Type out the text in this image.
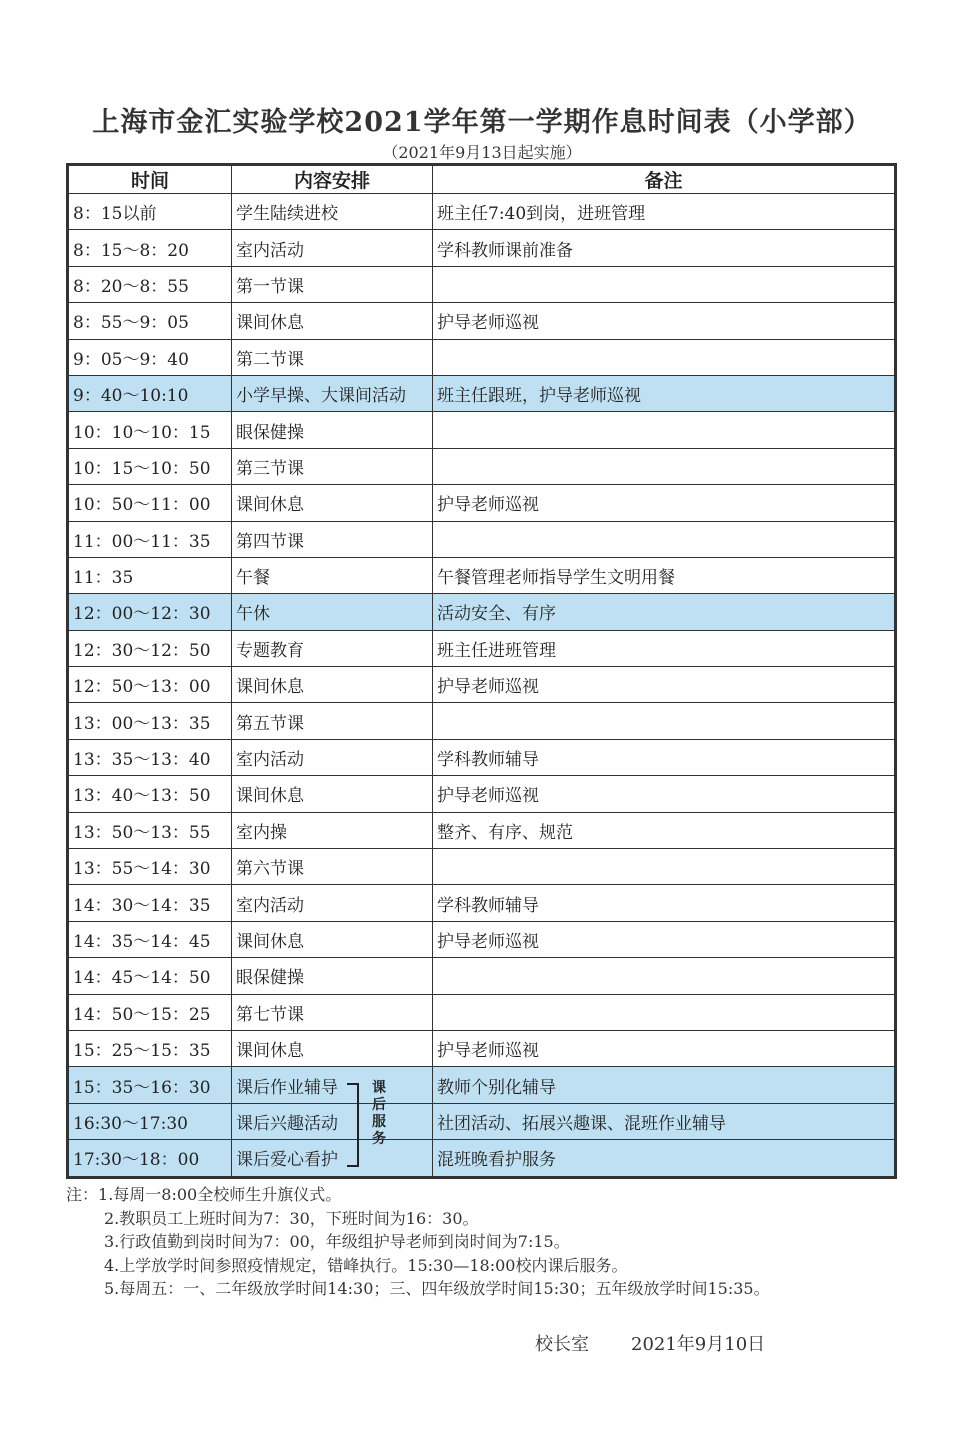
上海市金汇实验学校2021学年第一学期作息时间表（小学部）
（2021年9月13日起实施）
时间	内容安排	备注
8：15以前	学生陆续进校	班主任7:40到岗，进班管理
8：15～8：20	室内活动	学科教师课前准备
8：20～8：55	第一节课	
8：55～9：05	课间休息	护导老师巡视
9：05～9：40	第二节课	
9：40～10:10	小学早操、大课间活动	班主任跟班，护导老师巡视
10：10～10：15	眼保健操	
10：15～10：50	第三节课	
10：50～11：00	课间休息	护导老师巡视
11：00～11：35	第四节课	
11：35	午餐	午餐管理老师指导学生文明用餐
12：00～12：30	午休	活动安全、有序
12：30～12：50	专题教育	班主任进班管理
12：50～13：00	课间休息	护导老师巡视
13：00～13：35	第五节课	
13：35～13：40	室内活动	学科教师辅导
13：40～13：50	课间休息	护导老师巡视
13：50～13：55	室内操	整齐、有序、规范
13：55～14：30	第六节课	
14：30～14：35	室内活动	学科教师辅导
14：35～14：45	课间休息	护导老师巡视
14：45～14：50	眼保健操	
14：50～15：25	第七节课	
15：25～15：35	课间休息	护导老师巡视
15：35～16：30	课后作业辅导	教师个别化辅导
16:30～17:30	课后兴趣活动	社团活动、拓展兴趣课、混班作业辅导
17:30～18：00	课后爱心看护	混班晚看护服务
课
后
服
务
注：1.每周一8:00全校师生升旗仪式。
2.教职员工上班时间为7：30，下班时间为16：30。
3.行政值勤到岗时间为7：00，年级组护导老师到岗时间为7:15。
4.上学放学时间参照疫情规定，错峰执行。15:30—18:00校内课后服务。
5.每周五：一、二年级放学时间14:30；三、四年级放学时间15:30；五年级放学时间15:35。
校长室 2021年9月10日
